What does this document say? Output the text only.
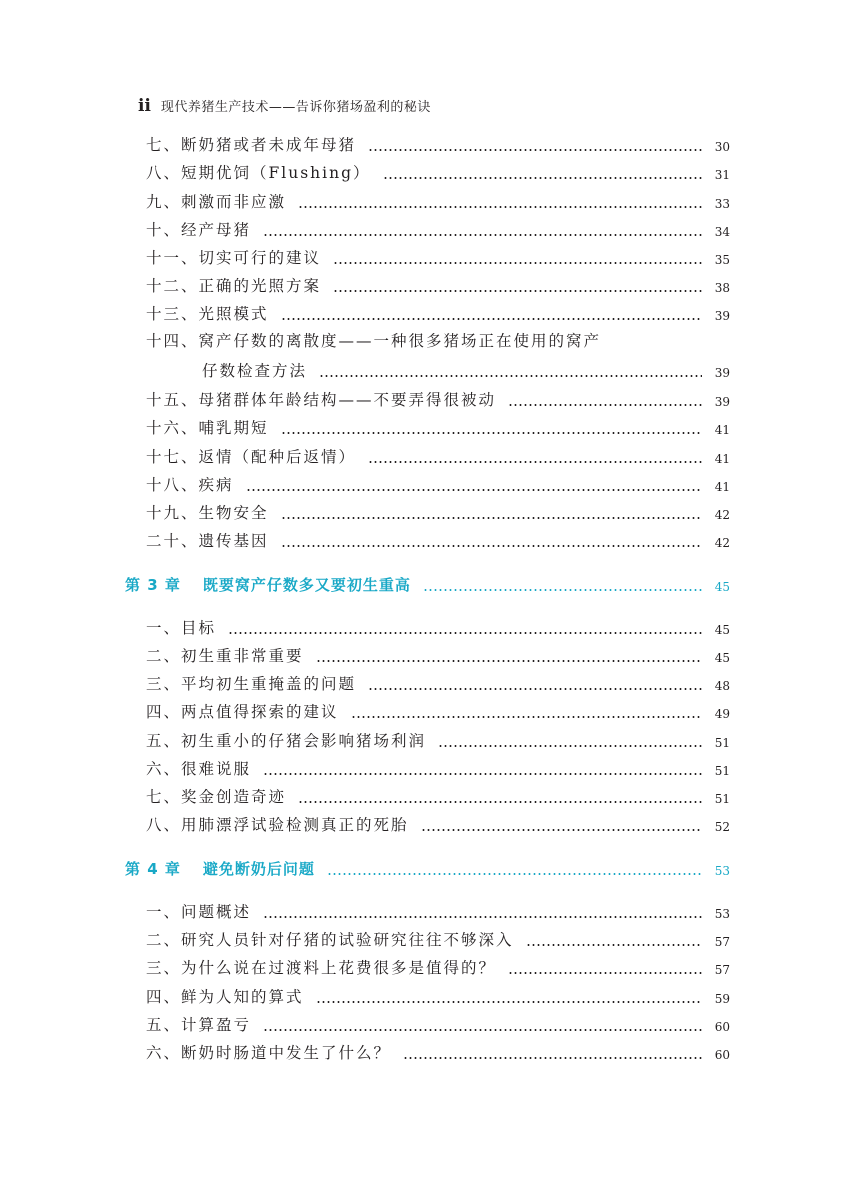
ⅱ 现代养猪生产技术——告诉你猪场盈利的秘诀
七、断奶猪或者未成年母猪	30
八、短期优饲（Flushing）	31
九、刺激而非应激	33
十、经产母猪	34
十一、切实可行的建议	35
十二、正确的光照方案	38
十三、光照模式	39
十四、窝产仔数的离散度——一种很多猪场正在使用的窝产
仔数检查方法	39
十五、母猪群体年龄结构——不要弄得很被动	39
十六、哺乳期短	41
十七、返情（配种后返情）	41
十八、疾病	41
十九、生物安全	42
二十、遗传基因	42
第 3 章 既要窝产仔数多又要初生重高	45
一、目标	45
二、初生重非常重要	45
三、平均初生重掩盖的问题	48
四、两点值得探索的建议	49
五、初生重小的仔猪会影响猪场利润	51
六、很难说服	51
七、奖金创造奇迹	51
八、用肺漂浮试验检测真正的死胎	52
第 4 章 避免断奶后问题	53
一、问题概述	53
二、研究人员针对仔猪的试验研究往往不够深入	57
三、为什么说在过渡料上花费很多是值得的？	57
四、鲜为人知的算式	59
五、计算盈亏	60
六、断奶时肠道中发生了什么？	60
